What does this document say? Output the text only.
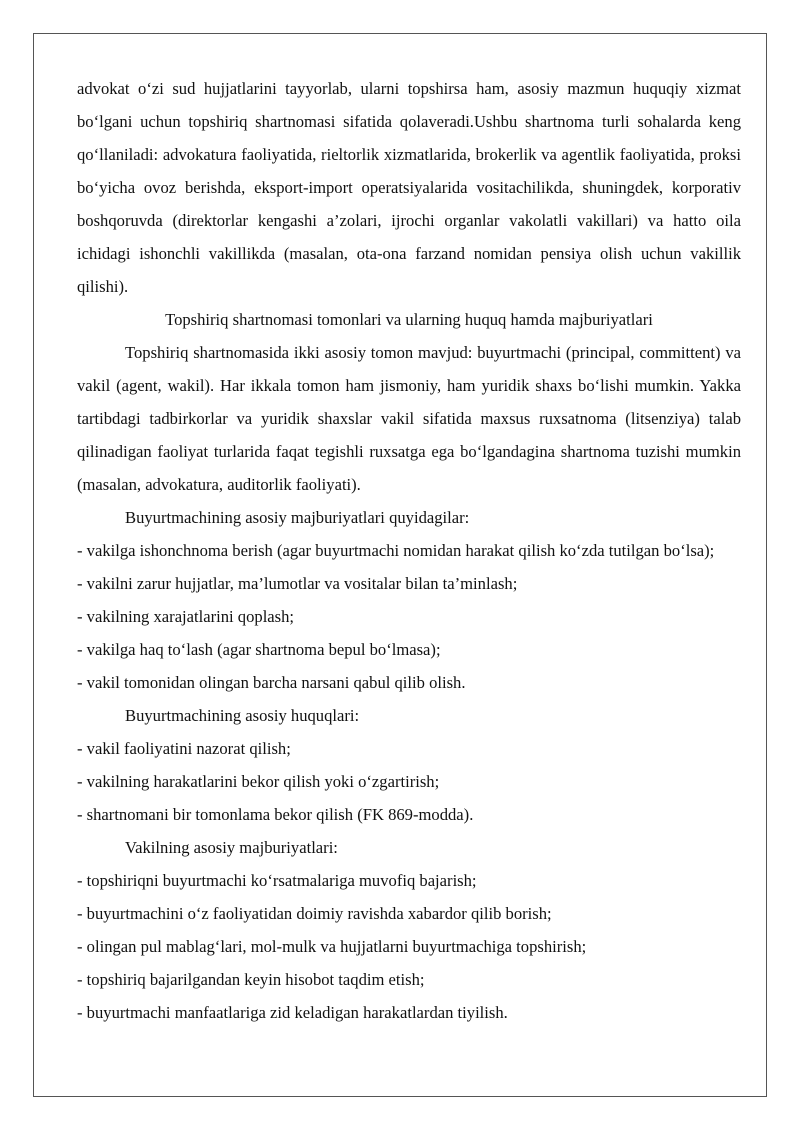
advokat o‘zi sud hujjatlarini tayyorlab, ularni topshirsa ham, asosiy mazmun huquqiy xizmat bo‘lgani uchun topshiriq shartnomasi sifatida qolaveradi.Ushbu shartnoma turli sohalarda keng qo‘llaniladi: advokatura faoliyatida, rieltorlik xizmatlarida, brokerlik va agentlik faoliyatida, proksi bo‘yicha ovoz berishda, eksport-import operatsiyalarida vositachilikda, shuningdek, korporativ boshqoruvda (direktorlar kengashi a’zolari, ijrochi organlar vakolatli vakillari) va hatto oila ichidagi ishonchli vakillikda (masalan, ota-ona farzand nomidan pensiya olish uchun vakillik qilishi).

Topshiriq shartnomasi tomonlari va ularning huquq hamda majburiyatlari

Topshiriq shartnomasida ikki asosiy tomon mavjud: buyurtmachi (principal, committent) va vakil (agent, wakil). Har ikkala tomon ham jismoniy, ham yuridik shaxs bo‘lishi mumkin. Yakka tartibdagi tadbirkorlar va yuridik shaxslar vakil sifatida maxsus ruxsatnoma (litsenziya) talab qilinadigan faoliyat turlarida faqat tegishli ruxsatga ega bo‘lgandagina shartnoma tuzishi mumkin (masalan, advokatura, auditorlik faoliyati).

Buyurtmachining asosiy majburiyatlari quyidagilar:

- vakilga ishonchnoma berish (agar buyurtmachi nomidan harakat qilish ko‘zda tutilgan bo‘lsa);

- vakilni zarur hujjatlar, ma’lumotlar va vositalar bilan ta’minlash;

- vakilning xarajatlarini qoplash;

- vakilga haq to‘lash (agar shartnoma bepul bo‘lmasa);

- vakil tomonidan olingan barcha narsani qabul qilib olish.

Buyurtmachining asosiy huquqlari:

- vakil faoliyatini nazorat qilish;

- vakilning harakatlarini bekor qilish yoki o‘zgartirish;

- shartnomani bir tomonlama bekor qilish (FK 869-modda).

Vakilning asosiy majburiyatlari:

- topshiriqni buyurtmachi ko‘rsatmalariga muvofiq bajarish;

- buyurtmachini o‘z faoliyatidan doimiy ravishda xabardor qilib borish;

- olingan pul mablag‘lari, mol-mulk va hujjatlarni buyurtmachiga topshirish;

- topshiriq bajarilgandan keyin hisobot taqdim etish;

- buyurtmachi manfaatlariga zid keladigan harakatlardan tiyilish.
